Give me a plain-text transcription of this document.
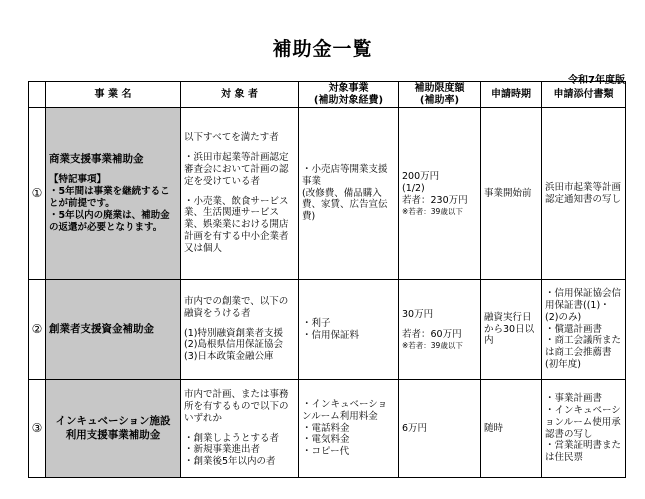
補助金一覧
令和7年度版
	事 業 名	対 象 者	対象事業
(補助対象経費)	補助限度額
(補助率)	申請時期	申請添付書類
①	商業支援事業補助金
【特記事項】
・5年間は事業を継続することが前提です。
・5年以内の廃業は、補助金の返還が必要となります。	以下すべてを満たす者
・浜田市起業等計画認定審査会において計画の認定を受けている者
・小売業、飲食サービス業、生活関連サービス業、娯楽業における開店計画を有する中小企業者又は個人	・小売店等開業支援事業
(改修費、備品購入費、家賃、広告宣伝費)	200万円
(1/2)
若者：230万円
※若者：39歳以下	事業開始前	浜田市起業等計画認定通知書の写し
②	創業者支援資金補助金	市内での創業で、以下の融資をうける者
(1)特別融資創業者支援
(2)島根県信用保証協会
(3)日本政策金融公庫	・利子
・信用保証料	30万円
若者：60万円
※若者：39歳以下	融資実行日から30日以内	・信用保証協会信用保証書((1)・(2)のみ)
・償還計画書
・商工会議所または商工会推薦書(初年度)

③	インキュベーション施設
利用支援事業補助金	市内で計画、または事務所を有するもので以下のいずれか
・創業しようとする者
・新規事業進出者
・創業後5年以内の者	・インキュベーションルーム利用料金
・電話料金
・電気料金
・コピー代	6万円	随時	・事業計画書
・インキュベーションルーム使用承認書の写し
・営業証明書または住民票
